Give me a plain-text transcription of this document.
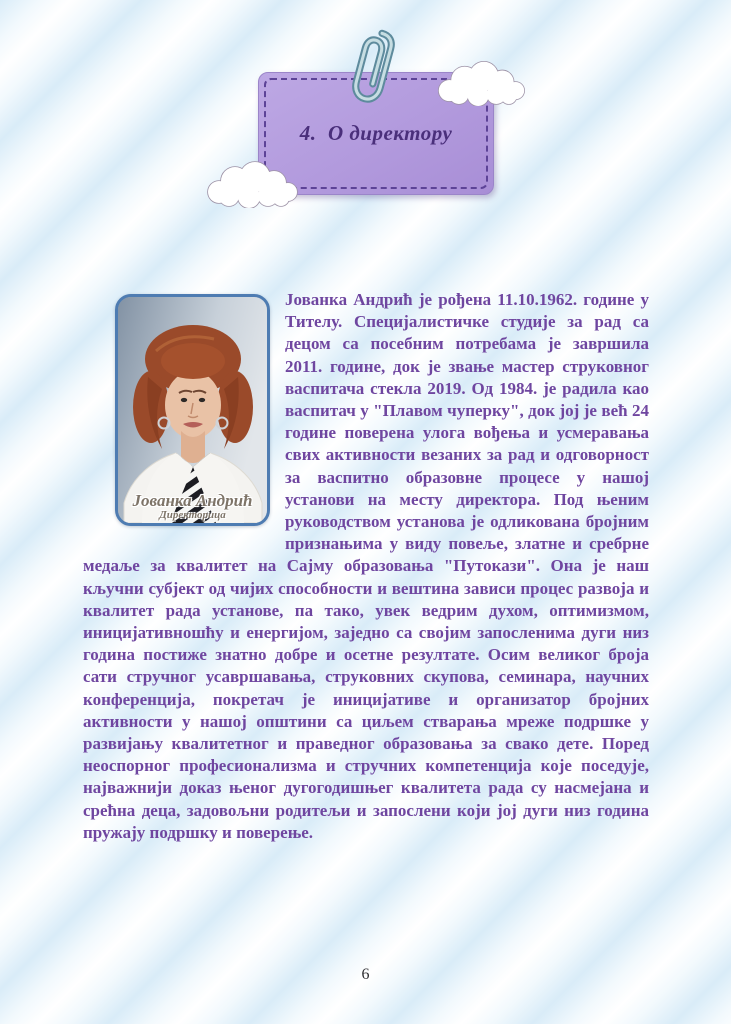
4.  О директору
Јованка Андрић
Директорица

Јованка Андрић је рођена 11.10.1962. године у Тителу. Специјалистичке студије за рад са децом са посебним потребама је завршила 2011. године, док је звање мастер струковног васпитача стекла 2019. Од 1984. је радила као васпитач у "Плавом чуперку", док јој је већ 24 године поверена улога вођења и усмеравања свих активности везаних за рад и одговорност за васпитно образовне процесе у нашој установи на месту директора. Под њеним руководством установа је одликована бројним признањима у виду повеље, златне и сребрне медаље за квалитет на Сајму образовања "Путокази". Она је наш кључни субјект од чијих способности и вештина зависи процес развоја и квалитет рада установе, па тако, увек ведрим духом, оптимизмом, иницијативношћу и енергијом, заједно са својим запосленима дуги низ година постиже знатно добре и осетне резултате. Осим великог броја сати стручног усавршавања, струковних скупова, семинара, научних конференција, покретач је иницијативе и организатор бројних активности у нашој општини са циљем стварања мреже подршке у развијању квалитетног и праведног образовања за свако дете. Поред неоспорног професионализма и стручних компетенција које поседује, најважнији доказ њеног дугогодишњег квалитета рада су насмејана и срећна деца, задовољни родитељи и запослени који јој дуги низ година пружају подршку и поверење.

6
